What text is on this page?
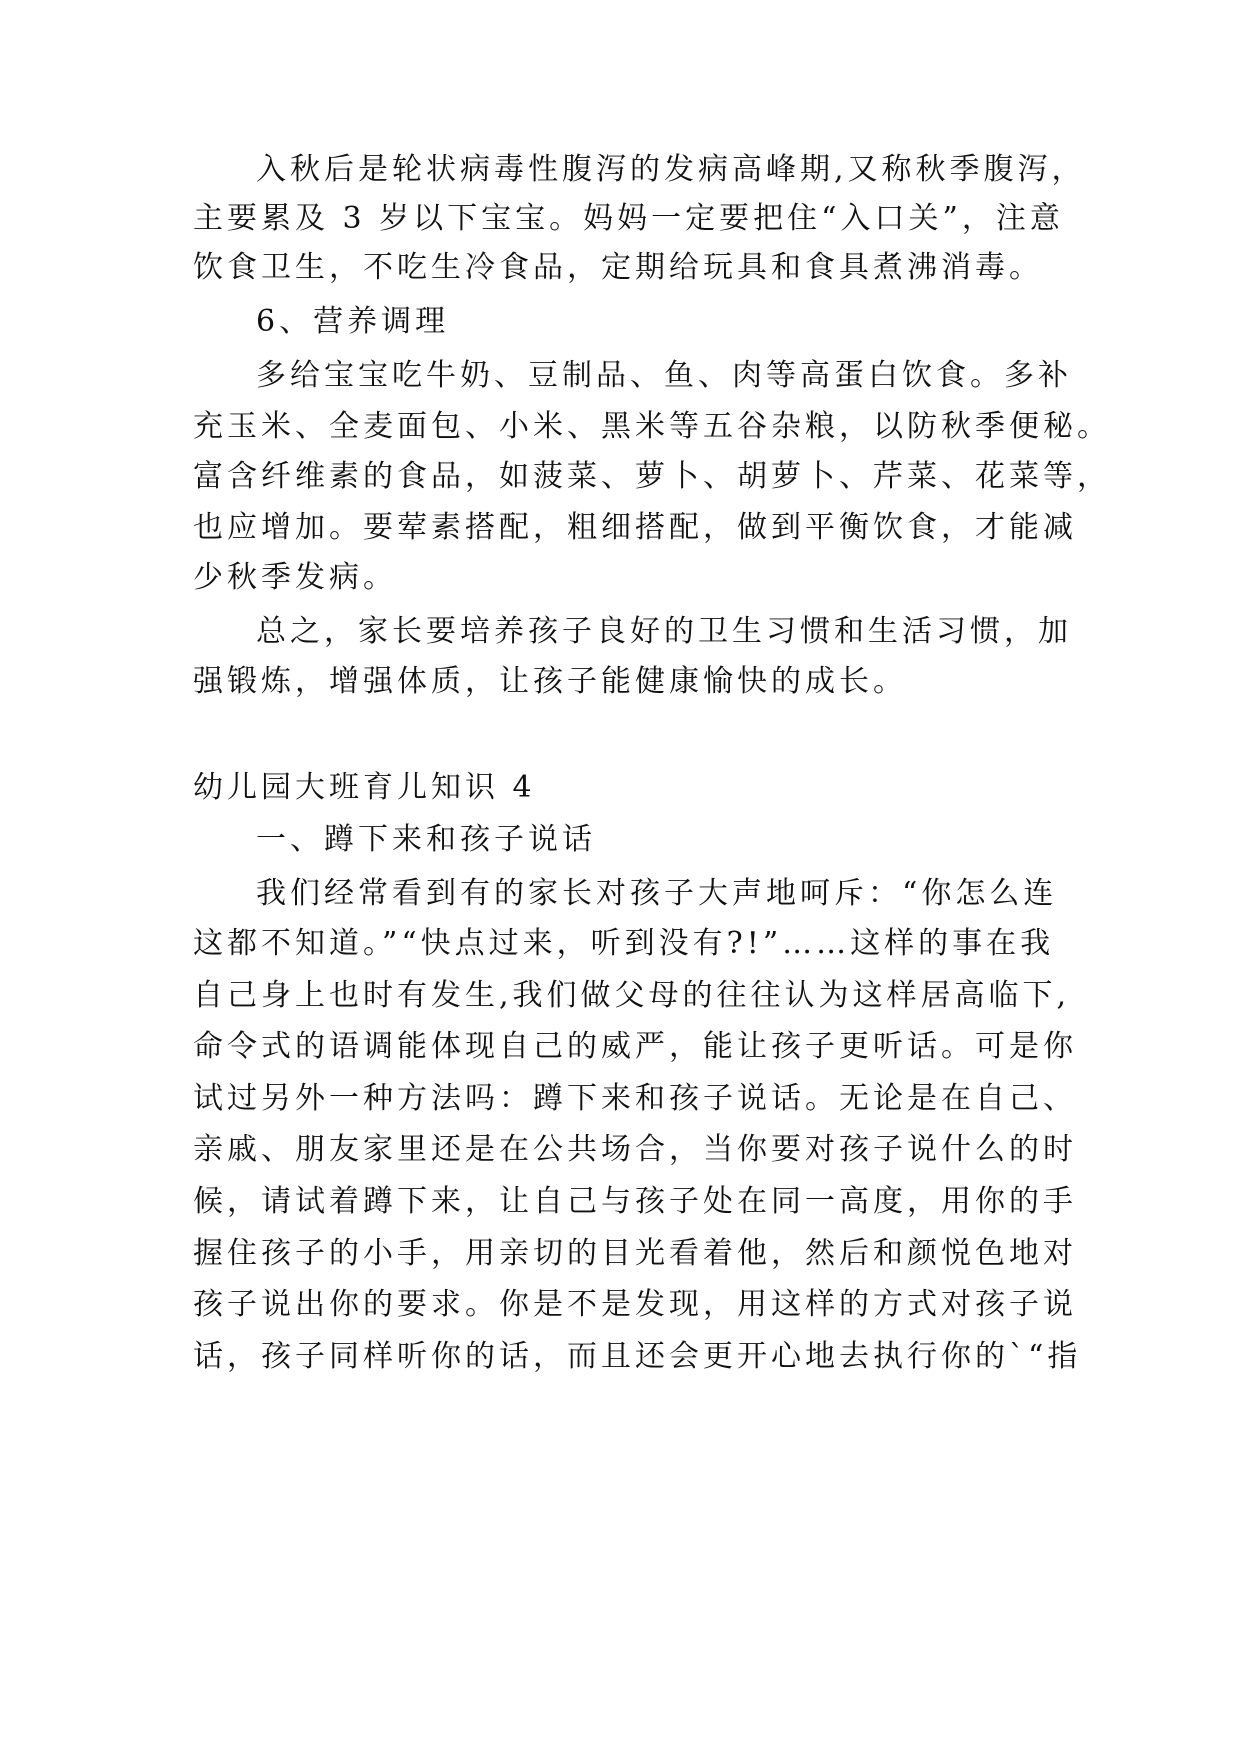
入秋后是轮状病毒性腹泻的发病高峰期,又称秋季腹泻，
主要累及 3 岁以下宝宝。妈妈一定要把住“入口关”，注意
饮食卫生，不吃生冷食品，定期给玩具和食具煮沸消毒。
6、营养调理
多给宝宝吃牛奶、豆制品、鱼、肉等高蛋白饮食。多补
充玉米、全麦面包、小米、黑米等五谷杂粮，以防秋季便秘。
富含纤维素的食品，如菠菜、萝卜、胡萝卜、芹菜、花菜等，
也应增加。要荤素搭配，粗细搭配，做到平衡饮食，才能减
少秋季发病。
总之，家长要培养孩子良好的卫生习惯和生活习惯，加
强锻炼，增强体质，让孩子能健康愉快的成长。
幼儿园大班育儿知识 4
一、蹲下来和孩子说话
我们经常看到有的家长对孩子大声地呵斥：“你怎么连
这都不知道。”“快点过来，听到没有?!”……这样的事在我
自己身上也时有发生,我们做父母的往往认为这样居高临下,
命令式的语调能体现自己的威严，能让孩子更听话。可是你
试过另外一种方法吗：蹲下来和孩子说话。无论是在自己、
亲戚、朋友家里还是在公共场合，当你要对孩子说什么的时
候，请试着蹲下来，让自己与孩子处在同一高度，用你的手
握住孩子的小手，用亲切的目光看着他，然后和颜悦色地对
孩子说出你的要求。你是不是发现，用这样的方式对孩子说
话，孩子同样听你的话，而且还会更开心地去执行你的`“指
